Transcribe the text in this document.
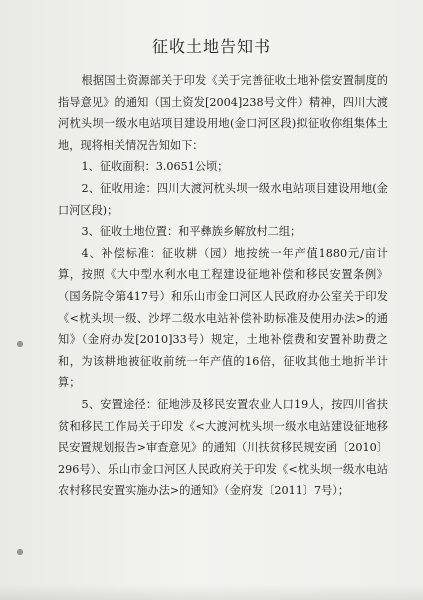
征收土地告知书

根据国土资源部关于印发《关于完善征收土地补偿安置制度的指导意见》的通知（国土资发[2004]238号文件）精神，四川大渡河枕头坝一级水电站项目建设用地(金口河区段)拟征收你组集体土地，现将相关情况告知如下：

1、征收面积：3.0651公顷；

2、征收用途：四川大渡河枕头坝一级水电站项目建设用地(金口河区段)；

3、征收土地位置：和平彝族乡解放村二组；

4、补偿标准：征收耕（园）地按统一年产值1880元/亩计算，按照《大中型水利水电工程建设征地补偿和移民安置条例》（国务院令第417号）和乐山市金口河区人民政府办公室关于印发《<枕头坝一级、沙坪二级水电站补偿补助标准及使用办法>的通知》（金府办发[2010]33号）规定，土地补偿费和安置补助费之和，为该耕地被征收前统一年产值的16倍，征收其他土地折半计算；

5、安置途径：征地涉及移民安置农业人口19人，按四川省扶贫和移民工作局关于印发《<大渡河枕头坝一级水电站建设征地移民安置规划报告>审查意见》的通知（川扶贫移民规安函〔2010〕296号）、乐山市金口河区人民政府关于印发《<枕头坝一级水电站农村移民安置实施办法>的通知》（金府发〔2011〕7号）；
